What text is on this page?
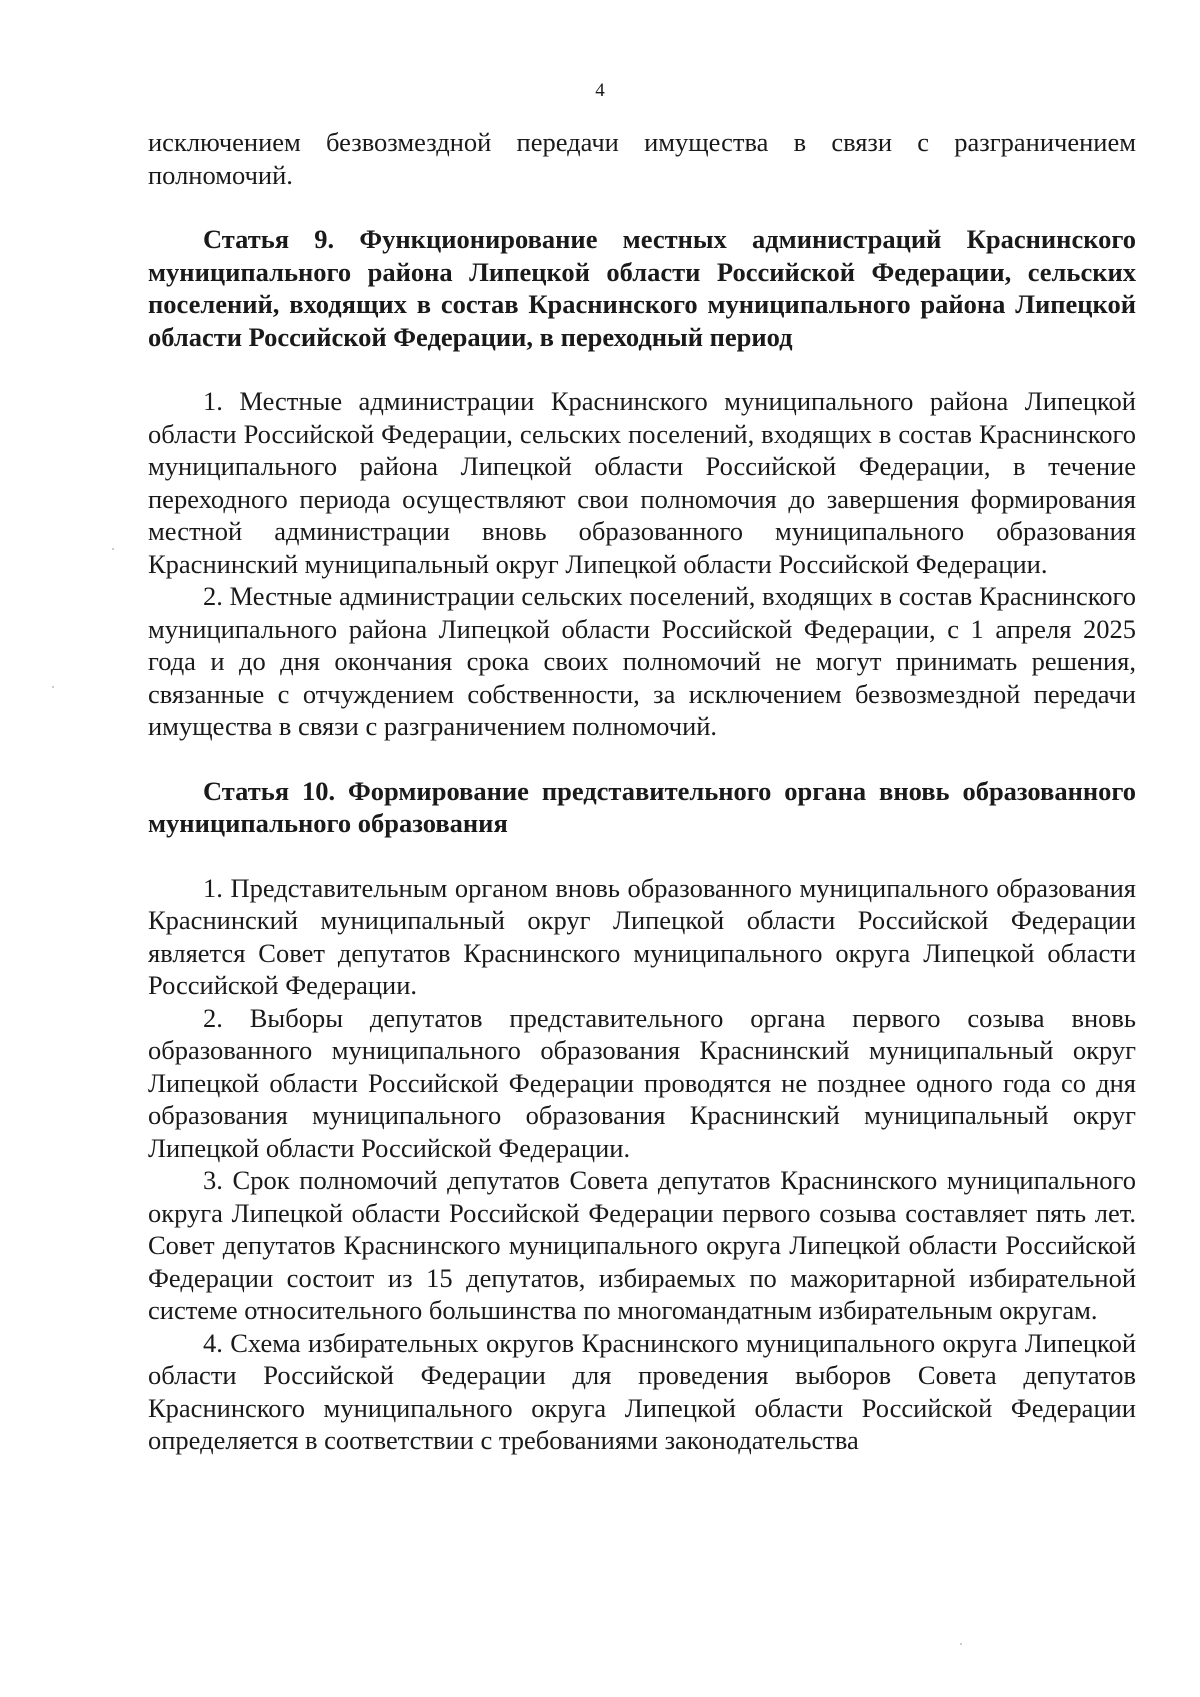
4

исключением безвозмездной передачи имущества в связи с разграничением полномочий.

Статья 9. Функционирование местных администраций Краснинского муниципального района Липецкой области Российской Федерации, сельских поселений, входящих в состав Краснинского муниципального района Липецкой области Российской Федерации, в переходный период

1. Местные администрации Краснинского муниципального района Липецкой области Российской Федерации, сельских поселений, входящих в состав Краснинского муниципального района Липецкой области Российской Федерации, в течение переходного периода осуществляют свои полномочия до завершения формирования местной администрации вновь образованного муниципального образования Краснинский муниципальный округ Липецкой области Российской Федерации.

2. Местные администрации сельских поселений, входящих в состав Краснинского муниципального района Липецкой области Российской Федерации, с 1 апреля 2025 года и до дня окончания срока своих полномочий не могут принимать решения, связанные с отчуждением собственности, за исключением безвозмездной передачи имущества в связи с разграничением полномочий.

Статья 10. Формирование представительного органа вновь образованного муниципального образования

1. Представительным органом вновь образованного муниципального образования Краснинский муниципальный округ Липецкой области Российской Федерации является Совет депутатов Краснинского муниципального округа Липецкой области Российской Федерации.

2. Выборы депутатов представительного органа первого созыва вновь образованного муниципального образования Краснинский муниципальный округ Липецкой области Российской Федерации проводятся не позднее одного года со дня образования муниципального образования Краснинский муниципальный округ Липецкой области Российской Федерации.

3. Срок полномочий депутатов Совета депутатов Краснинского муниципального округа Липецкой области Российской Федерации первого созыва составляет пять лет. Совет депутатов Краснинского муниципального округа Липецкой области Российской Федерации состоит из 15 депутатов, избираемых по мажоритарной избирательной системе относительного большинства по многомандатным избирательным округам.

4. Схема избирательных округов Краснинского муниципального округа Липецкой области Российской Федерации для проведения выборов Совета депутатов Краснинского муниципального округа Липецкой области Российской Федерации определяется в соответствии с требованиями законодательства
